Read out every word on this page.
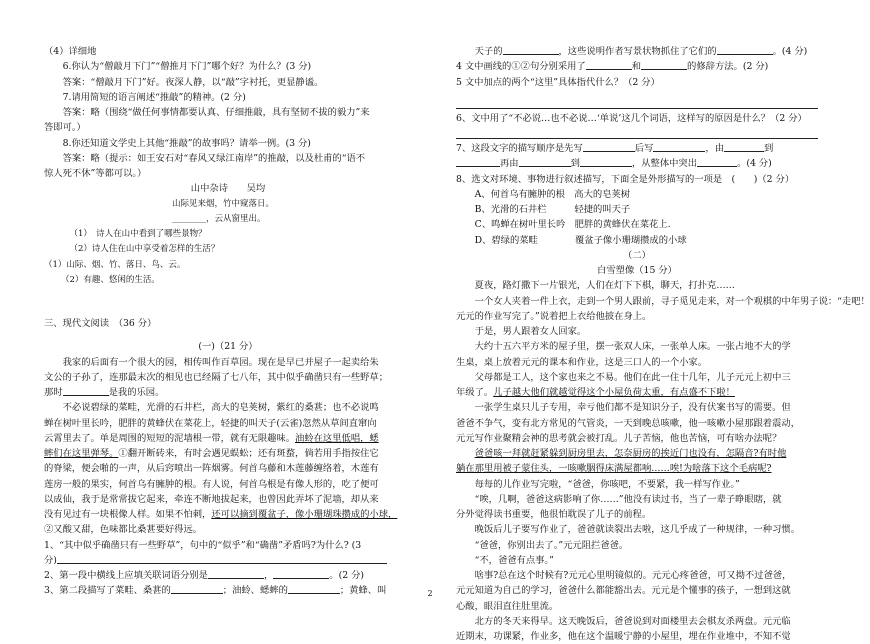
（4）详细地
6.你认为“僧敲月下门”“僧推月下门”哪个好？为什么？(3 分)
答案：“僧敲月下门”好。夜深人静，以“敲”字衬托，更显静谧。
7.请用简短的语言阐述“推敲”的精神。(2 分)
答案：略（围绕“做任何事情都要认真、仔细推敲，具有坚韧不拔的毅力”来
答即可。）
8.你还知道文学史上其他“推敲”的故事吗？请举一例。(3 分)
答案：略（提示：如王安石对“春风又绿江南岸”的推敲，以及杜甫的“语不
惊人死不休”等都可以。）
山中杂诗　　吴均
山际见来烟，竹中窥落日。
________，云从窗里出。
（1）　诗人在山中看到了哪些景物？
（2）诗人住在山中享受着怎样的生活？
（1）山际、烟、竹、落日、鸟、云。
（2）有趣、悠闲的生活。
三、现代文阅读　（36 分）
(一)（21 分）
我家的后面有一个很大的园，相传叫作百草园。现在是早已并屋子一起卖给朱
文公的子孙了，连那最末次的相见也已经隔了七八年，其中似乎确凿只有一些野草；
那时	是我的乐园。
不必说碧绿的菜畦，光滑的石井栏，高大的皂荚树，紫红的桑葚；也不必说鸣
蝉在树叶里长吟，肥胖的黄蜂伏在菜花上，轻捷的叫天子(云雀)忽然从草间直窜向
云霄里去了。单是周围的短短的泥墙根一带，就有无限趣味。油蛉在这里低唱，蟋
蟀们在这里弹琴。①翻开断砖来，有时会遇见蜈蚣；还有斑蝥，倘若用手指按住它
的脊梁，便会啪的一声，从后窍喷出一阵烟雾。何首乌藤和木莲藤缠络着，木莲有
莲房一般的果实，何首乌有臃肿的根。有人说，何首乌根是有像人形的，吃了便可
以成仙，我于是常常拔它起来，牵连不断地拔起来，也曾因此弄坏了泥墙，却从来
没有见过有一块根像人样。如果不怕刺，还可以摘到覆盆子，像小珊瑚珠攒成的小球，
②又酸又甜，色味都比桑葚要好得远。
1、“其中似乎确凿只有一些野草”，句中的“似乎”和“确凿”矛盾吗?为什么? (3
分)
2、第一段中横线上应填关联词语分别是	，	。(2 分)
3、第二段描写了菜畦、桑葚的	；油蛉、蟋蟀的	；黄蜂、叫
天子的	，这些说明作者写景状物抓住了它们的	。(4 分)
4 文中画线的①②句分别采用了	和	的修辞方法。(2 分)
5 文中加点的两个“这里”具体指代什么？（2 分）
6、文中用了“不必说…也不必说…‘单说’这几个词语，这样写的原因是什么？（2 分）
7、这段文字的描写顺序是先写	后写	，由	到
再由	到	，从整体中突出	。(4 分)
8、选文对环境、事物进行叙述描写，下面全是外形描写的一项是　(　　)（2 分）
A、何首乌有臃肿的根　高大的皂荚树
B、光滑的石井栏　　　轻捷的叫天子
C、鸣蝉在树叶里长吟　肥胖的黄蜂伏在菜花上.
D、碧绿的菜畦　　　　覆盆子像小珊瑚攒成的小球
（二）
白雪塑像（15 分）
夏夜，路灯撒下一片银光，人们在灯下下棋，聊天，打扑克……
一个女人夹着一件上衣，走到一个男人跟前，寻子觅见走来，对一个观棋的中年男子说：“走吧！
元元的作业写完了。”说着把上衣给他披在身上。
于是，男人跟着女人回家。
大约十五六平方米的屋子里，摆一张双人床，一张单人床。一张占地不大的学
生桌，桌上放着元元的课本和作业，这是三口人的一个小家。
父母都是工人，这个家也来之不易。他们在此一住十几年，儿子元元上初中三
年级了。儿子越大他们就越觉得这个小屋负荷太重，有点盛不下啦！
一张学生桌只儿子专用，幸亏他们都不是知识分子，没有伏案书写的需要。但
爸爸不争气，变有北方常见的气管炎，一天到晚总咳嗽，他一咳嗽小屋那跟着震动，
元元写作业聚精会神的思考就会被打乱。儿子苦恼，他也苦恼，可有啥办法呢？
爸爸咳一拜就赶紧躲到厨房里去，怎奈厨房的挨近门也没有，怎隔音?有时他
躺在那里用被子蒙住头，一咳嗽胭得床满屋都响……唉!为啥落下这个毛病呢?
每每的儿作业写完啦，“爸爸，你咳吧，不要紧，我一样写作业。”
“唉，几啊，爸爸这病影响了你……”他没有读过书，当了一辈子睁眼瞎，就
分外觉得读书重要，他很怕耽误了儿子的前程。
晚饭后儿子要写作业了，爸爸就读裂出去啦，这几乎成了一种规律，一种习惯。
“爸爸，你别出去了。”元元阻拦爸爸。
“不，爸爸有点事。”
啥事?总在这个时候有?元元心里明镜似的。元元心疼爸爸，可又拗不过爸爸，
元元知道为自己的学习，爸爸什么都能豁出去。元元是个懂事的孩子，一想到这就
心酸，眼泪直往肚里流。
北方的冬天来得早。这天晚饭后，爸爸说到对面楼里去会棋友杀两盘。元元临
近期末，功课紧，作业多，他在这个温暖宁静的小屋里，埋在作业堆中，不知不觉
2
